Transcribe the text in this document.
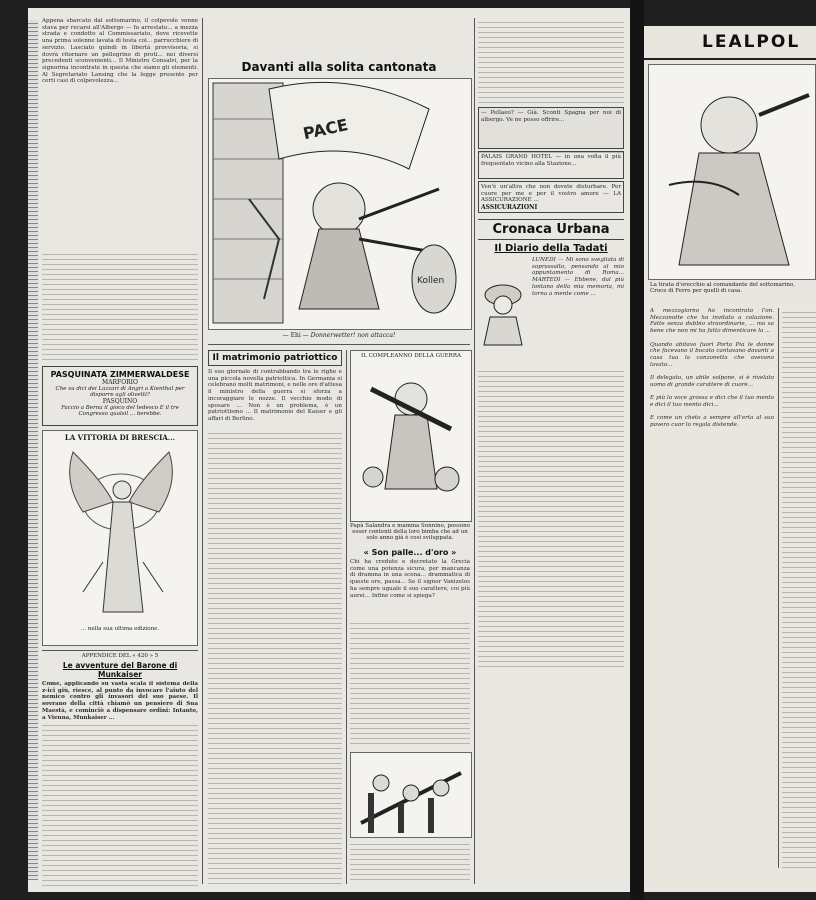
Appena sbarcato dal sottomarino, il colpevole venne stava per recarsi all'Albergo — fu arrestato... a mezza strada e condotto al Commissariato, dove ricevette una prima solenne lavata di testa col... parrucchiere di servizio. Lasciato quindi in libertà provvisoria, si dovrà ritornare un pellegrino di proti... nei diversi precedenti sconvenienti... Il Ministro Consalvi, per la signorina incontrate in questa che siamo gli elementi. Al Segretariato Lansing che la legge presente per certi casi di colpevolezza...
PASQUINATA ZIMMERWALDESE
MARFORIO
Che su dici dei Lazzari di Angri a Kienthal per disporre agli olivetti?
PASQUINO
Faccio a Berna il gioco del tedesco E il tre Congresso qualsil ... berebbe.
LA VITTORIA DI BRESCIA...
... nella sua ultima edizione.
APPENDICE DEL « 420 » 5
Le avventure del Barone di Munkaiser
Come, applicando su vasta scala il sistema della z-ici giù, riesce, al punto da invocare l'aiuto del nemico contro gli invasori del suo paese. Il sovrano della città chiamò un pensiero di Sua Maestà, e cominciò a dispensare ordini: Intanto, a Vienna, Munkaiser ...
Davanti alla solita cantonata
PACE
Kollen
— Ehi — Donnerwetter! non attacca!
Il matrimonio patriottico
Il suo giornale di contrabbando tra le righe e una piccola novella patriottica. In Germania si celebrano molti matrimoni, e nelle ore d'attesa il ministro della guerra si sforza a incoraggiare le nozze. Il vecchio modo di sposare ... Non è un problema, è un patriottismo ... Il matrimonio del Kaiser e gli affari di Berlino.
IL COMPLEANNO DELLA GUERRA
Papà Salandra e mamma Sonnino, possono esser contenti della loro bimba che ad un solo anno già è così sviluppata.
« Son palle... d'oro »
Chi ha creduto e decretato la Grecia come una potenza sicura, per mancanza di dramma in una scena... drammatica di queste ore, passa... Se il signor Vanizelos ha sempre uguale il suo carattere, coi più aurei... Infine come si spiega?
— Pellaeo? — Già. Sconti Spagna per noi di albergo. Ve ne posso offrire...
PALAIS GRAND HOTEL — in una volta il più frequentato vicino alla Stazione...
Ven'è un'altra che non dovete disturbare. Per cuore per me e per il vostro amore — LA ASSICURAZIONE ...
ASSICURAZIONI
Cronaca Urbana
Il Diario della Tadati
LUNEDI — Mi sono svegliata di soprassalto, pensando al mio appuntamento di Roma... MARTEDI — Ebbene, dal più lontano della mia memoria, mi torna a mente come ...
LEALPOL
La tirata d'orecchio al comandante del sottomarino, Croce di Ferro per quelli di casa.
A mezzogiorno ho incontrato l'on. Mezzanotte che ha invitato a colazione. Fatte senza dubbio straordinarie, ... ma sa bene che non mi ha fatto dimenticare la ...

Quando abitavo fuori Porta Pia le donne che facevano il bucato cantavano davanti a casa tua la canzonetta che avevano lavato...

Il delegato, un abile volpone, si è rivelato uomo di grande carattere di cuore...

E più la voce grossa e dici che il tuo mento e dici il tuo mento dici...

E come un cheto a sempre all'erta al suo povero cuor lo regala distende.
